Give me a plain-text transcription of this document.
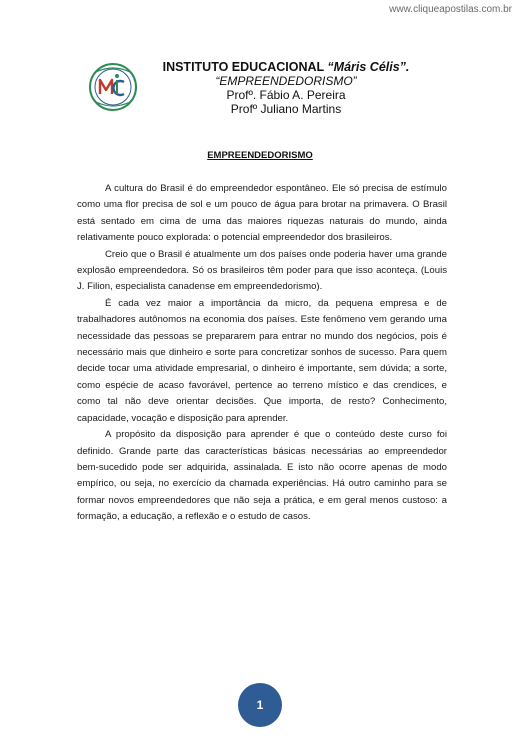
www.cliqueapostilas.com.br
INSTITUTO EDUCACIONAL “Máris Célis”.
“EMPREENDEDORISMO”
Profº. Fábio A. Pereira
Profº Juliano Martins
EMPREENDEDORISMO

A cultura do Brasil é do empreendedor espontâneo. Ele só precisa de estímulo como uma flor precisa de sol e um pouco de água para brotar na primavera. O Brasil está sentado em cima de uma das maiores riquezas naturais do mundo, ainda relativamente pouco explorada: o potencial empreendedor dos brasileiros.

Creio que o Brasil é atualmente um dos países onde poderia haver uma grande explosão empreendedora. Só os brasileiros têm poder para que isso aconteça. (Louis J. Filion, especialista canadense em empreendedorismo).

É cada vez maior a importância da micro, da pequena empresa e de trabalhadores autônomos na economia dos países. Este fenômeno vem gerando uma necessidade das pessoas se prepararem para entrar no mundo dos negócios, pois é necessário mais que dinheiro e sorte para concretizar sonhos de sucesso. Para quem decide tocar uma atividade empresarial, o dinheiro é importante, sem dúvida; a sorte, como espécie de acaso favorável, pertence ao terreno místico e das crendices, e como tal não deve orientar decisões. Que importa, de resto? Conhecimento, capacidade, vocação e disposição para aprender.

A propósito da disposição para aprender é que o conteúdo deste curso foi definido. Grande parte das características básicas necessárias ao empreendedor bem-sucedido pode ser adquirida, assinalada. E isto não ocorre apenas de modo empírico, ou seja, no exercício da chamada experiências. Há outro caminho para se formar novos empreendedores que não seja a prática, e em geral menos custoso: a formação, a educação, a reflexão e o estudo de casos.

1
